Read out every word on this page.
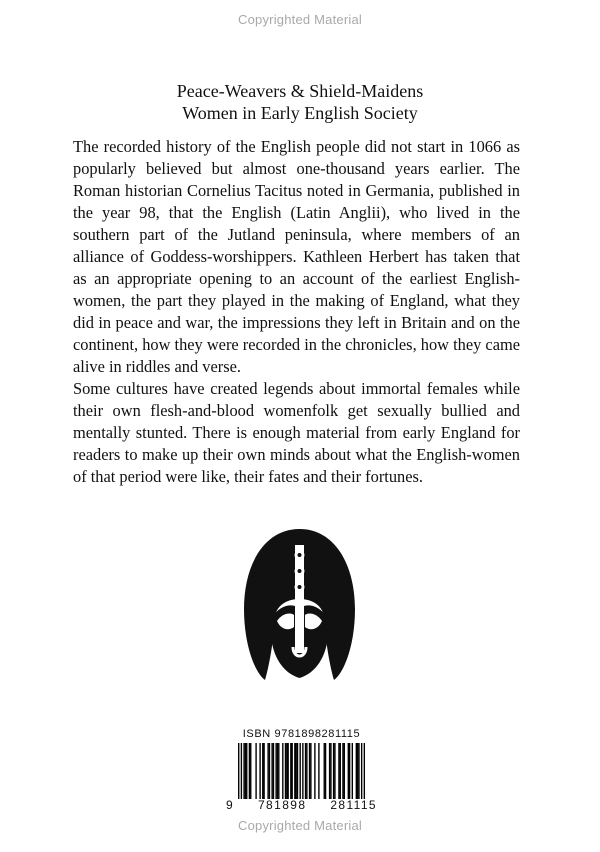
Copyrighted Material
Peace-Weavers & Shield-Maidens
Women in Early English Society

The recorded history of the English people did not start in 1066 as popularly believed but almost one-thousand years earlier. The Roman historian Cornelius Tacitus noted in Germania, published in the year 98, that the English (Latin Anglii), who lived in the southern part of the Jutland peninsula, where members of an alliance of Goddess-worshippers. Kathleen Herbert has taken that as an appropriate opening to an account of the earliest English-women, the part they played in the making of England, what they did in peace and war, the impressions they left in Britain and on the continent, how they were recorded in the chronicles, how they came alive in riddles and verse.

Some cultures have created legends about immortal females while their own flesh-and-blood womenfolk get sexually bullied and mentally stunted. There is enough material from early England for readers to make up their own minds about what the English-women of that period were like, their fates and their fortunes.

ISBN 9781898281115
9 781898 281115
Copyrighted Material
